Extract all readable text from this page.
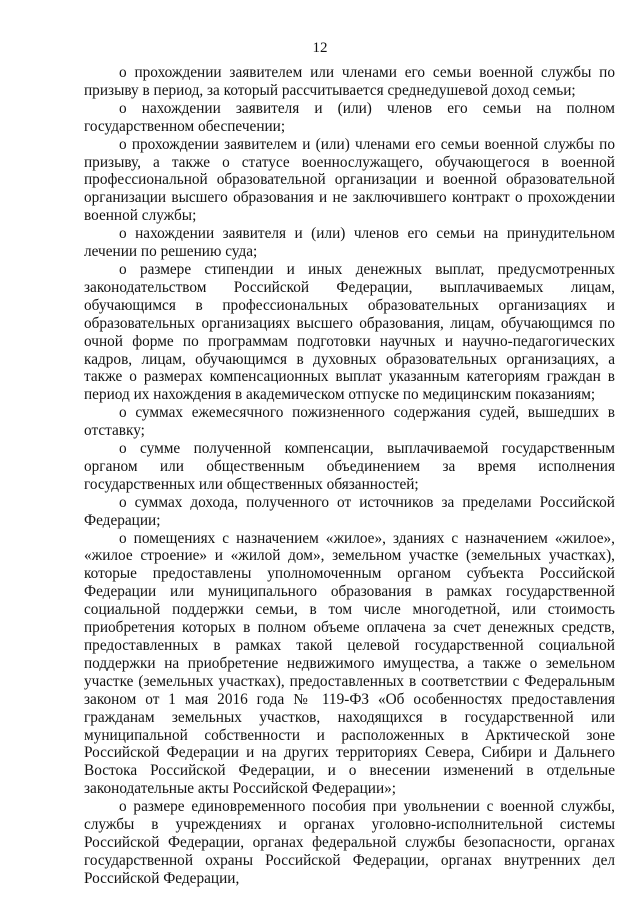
12

о прохождении заявителем или членами его семьи военной службы по призыву в период, за который рассчитывается среднедушевой доход семьи;

о нахождении заявителя и (или) членов его семьи на полном государственном обеспечении;

о прохождении заявителем и (или) членами его семьи военной службы по призыву, а также о статусе военнослужащего, обучающегося в военной профессиональной образовательной организации и военной образовательной организации высшего образования и не заключившего контракт о прохождении военной службы;

о нахождении заявителя и (или) членов его семьи на принудительном лечении по решению суда;

о размере стипендии и иных денежных выплат, предусмотренных законодательством Российской Федерации, выплачиваемых лицам, обучающимся в профессиональных образовательных организациях и образовательных организациях высшего образования, лицам, обучающимся по очной форме по программам подготовки научных и научно-педагогических кадров, лицам, обучающимся в духовных образовательных организациях, а также о размерах компенсационных выплат указанным категориям граждан в период их нахождения в академическом отпуске по медицинским показаниям;

о суммах ежемесячного пожизненного содержания судей, вышедших в отставку;

о сумме полученной компенсации, выплачиваемой государственным органом или общественным объединением за время исполнения государственных или общественных обязанностей;

о суммах дохода, полученного от источников за пределами Российской Федерации;

о помещениях с назначением «жилое», зданиях с назначением «жилое», «жилое строение» и «жилой дом», земельном участке (земельных участках), которые предоставлены уполномоченным органом субъекта Российской Федерации или муниципального образования в рамках государственной социальной поддержки семьи, в том числе многодетной, или стоимость приобретения которых в полном объеме оплачена за счет денежных средств, предоставленных в рамках такой целевой государственной социальной поддержки на приобретение недвижимого имущества, а также о земельном участке (земельных участках), предоставленных в соответствии с Федеральным законом от 1 мая 2016 года № 119-ФЗ «Об особенностях предоставления гражданам земельных участков, находящихся в государственной или муниципальной собственности и расположенных в Арктической зоне Российской Федерации и на других территориях Севера, Сибири и Дальнего Востока Российской Федерации, и о внесении изменений в отдельные законодательные акты Российской Федерации»;

о размере единовременного пособия при увольнении с военной службы, службы в учреждениях и органах уголовно-исполнительной системы Российской Федерации, органах федеральной службы безопасности, органах государственной охраны Российской Федерации, органах внутренних дел Российской Федерации,
